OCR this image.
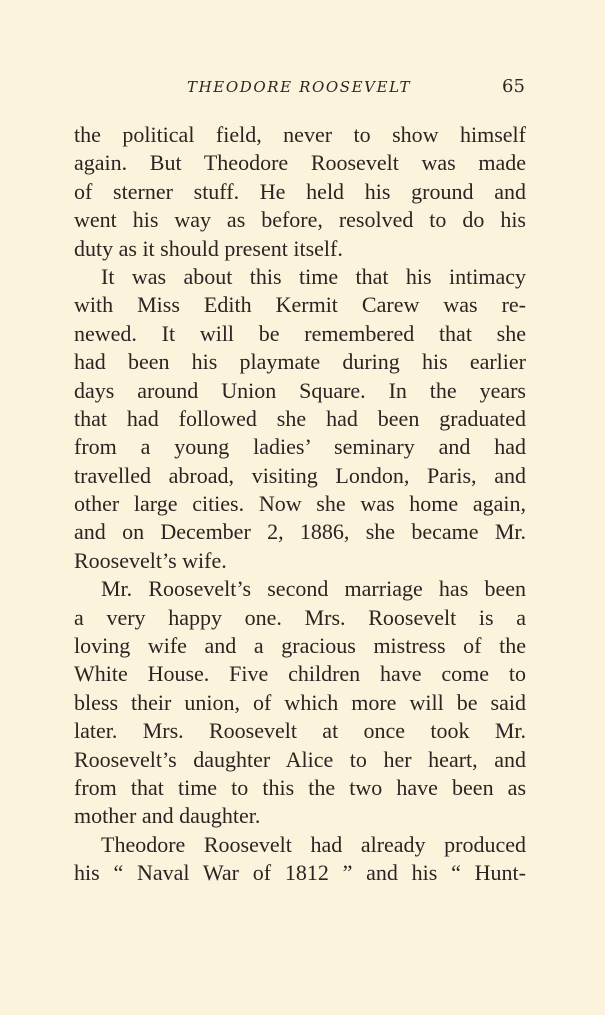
THEODORE ROOSEVELT	65
the political field, never to show himself
again. But Theodore Roosevelt was made
of sterner stuff. He held his ground and
went his way as before, resolved to do his
duty as it should present itself.
It was about this time that his intimacy
with Miss Edith Kermit Carew was re-
newed. It will be remembered that she
had been his playmate during his earlier
days around Union Square. In the years
that had followed she had been graduated
from a young ladies’ seminary and had
travelled abroad, visiting London, Paris, and
other large cities. Now she was home again,
and on December 2, 1886, she became Mr.
Roosevelt’s wife.
Mr. Roosevelt’s second marriage has been
a very happy one. Mrs. Roosevelt is a
loving wife and a gracious mistress of the
White House. Five children have come to
bless their union, of which more will be said
later. Mrs. Roosevelt at once took Mr.
Roosevelt’s daughter Alice to her heart, and
from that time to this the two have been as
mother and daughter.
Theodore Roosevelt had already produced
his “ Naval War of 1812 ” and his “ Hunt-
